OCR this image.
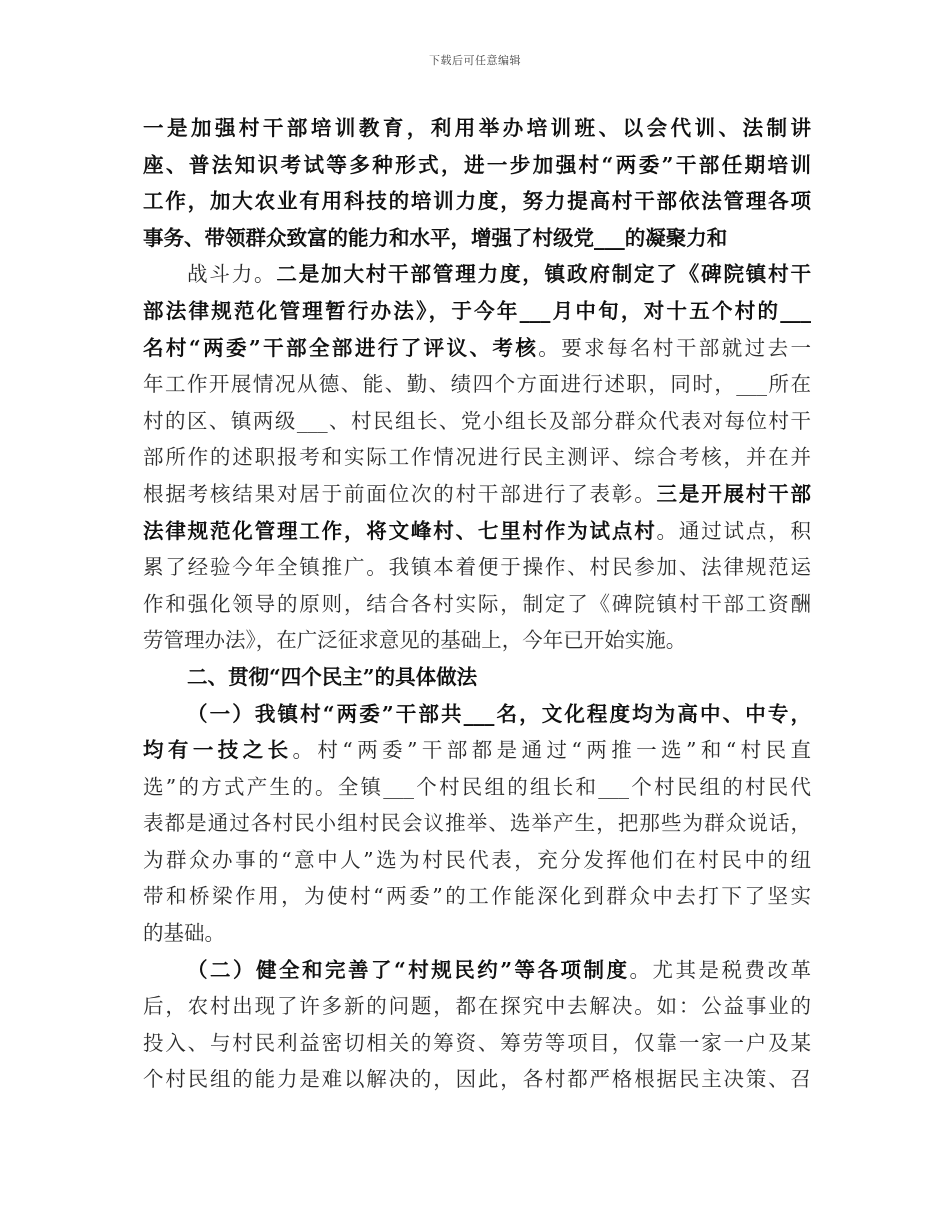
下载后可任意编辑
一是加强村干部培训教育，利用举办培训班、以会代训、法制讲
座、普法知识考试等多种形式，进一步加强村“两委”干部任期培训
工作，加大农业有用科技的培训力度，努力提高村干部依法管理各项
事务、带领群众致富的能力和水平，增强了村级党___的凝聚力和
战斗力。二是加大村干部管理力度，镇政府制定了《碑院镇村干
部法律规范化管理暂行办法》，于今年___月中旬，对十五个村的___
名村“两委”干部全部进行了评议、考核。要求每名村干部就过去一
年工作开展情况从德、能、勤、绩四个方面进行述职，同时，___所在
村的区、镇两级___、村民组长、党小组长及部分群众代表对每位村干
部所作的述职报考和实际工作情况进行民主测评、综合考核，并在并
根据考核结果对居于前面位次的村干部进行了表彰。三是开展村干部
法律规范化管理工作，将文峰村、七里村作为试点村。通过试点，积
累了经验今年全镇推广。我镇本着便于操作、村民参加、法律规范运
作和强化领导的原则，结合各村实际，制定了《碑院镇村干部工资酬
劳管理办法》，在广泛征求意见的基础上，今年已开始实施。
二、贯彻“四个民主”的具体做法
（一）我镇村“两委”干部共___名，文化程度均为高中、中专，
均有一技之长。村“两委”干部都是通过“两推一选”和“村民直
选”的方式产生的。全镇___个村民组的组长和___个村民组的村民代
表都是通过各村民小组村民会议推举、选举产生，把那些为群众说话，
为群众办事的“意中人”选为村民代表，充分发挥他们在村民中的纽
带和桥梁作用，为使村“两委”的工作能深化到群众中去打下了坚实
的基础。
（二）健全和完善了“村规民约”等各项制度。尤其是税费改革
后，农村出现了许多新的问题，都在探究中去解决。如：公益事业的
投入、与村民利益密切相关的筹资、筹劳等项目，仅靠一家一户及某
个村民组的能力是难以解决的，因此，各村都严格根据民主决策、召
